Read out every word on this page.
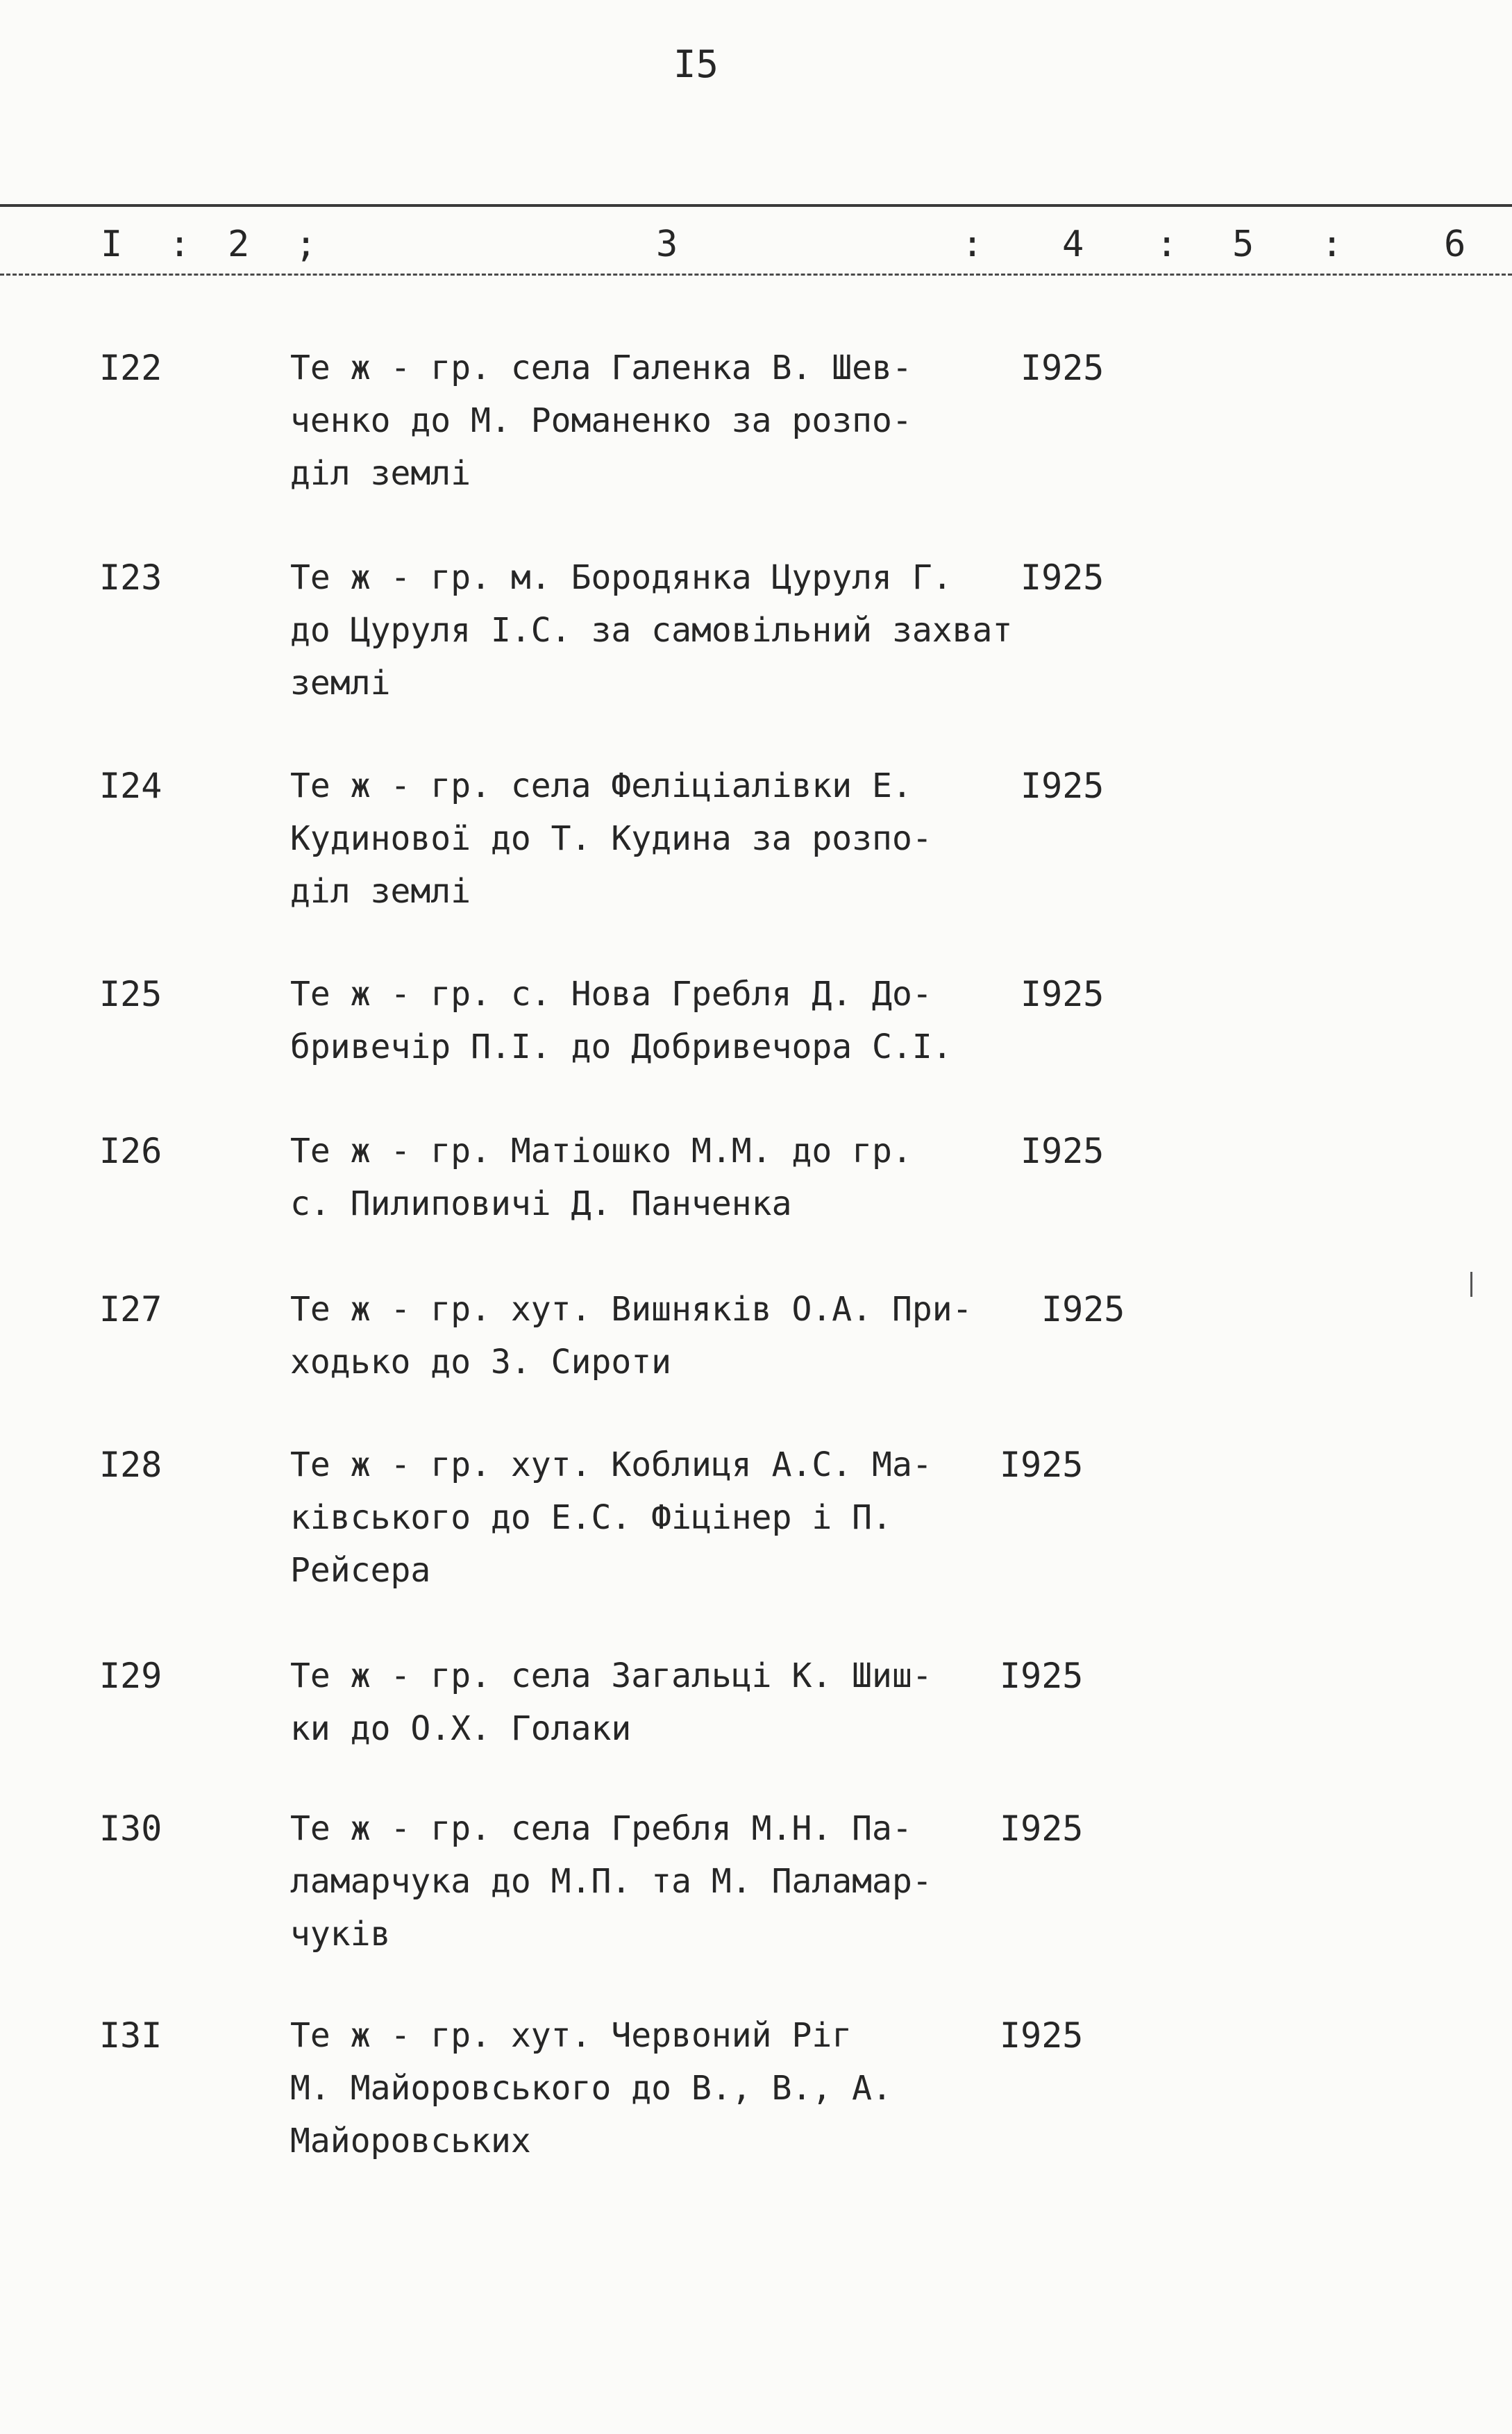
I5
I : 2 ;	3	: 4 : 5 :	6
I22	Те ж - гр. села Галенка В. Шев-
ченко до М. Романенко за розпо-
діл землі
I925
I23	Те ж - гр. м. Бородянка Цуруля Г.
до Цуруля І.С. за самовільний захват
землі
I925
I24	Те ж - гр. села Феліціалівки Е.
Кудинової до Т. Кудина за розпо-
діл землі
I925
I25	Те ж - гр. с. Нова Гребля Д. До-
бривечір П.І. до Добривечора С.І.
I925
I26	Те ж - гр. Матіошко М.М. до гр.
с. Пилиповичі Д. Панченка
I925
I27	Те ж - гр. хут. Вишняків О.А. При-
ходько до З. Сироти
I925
I28	Те ж - гр. хут. Коблиця А.С. Ма-
ківського до Е.С. Фіцінер і П.
Рейсера
I925
I29	Те ж - гр. села Загальці К. Шиш-
ки до О.Х. Голаки
I925
I30	Те ж - гр. села Гребля М.Н. Па-
ламарчука до М.П. та М. Паламар-
чуків
I925
I3I	Те ж - гр. хут. Червоний Ріг
М. Майоровського до В., В., А.
Майоровських
I925
